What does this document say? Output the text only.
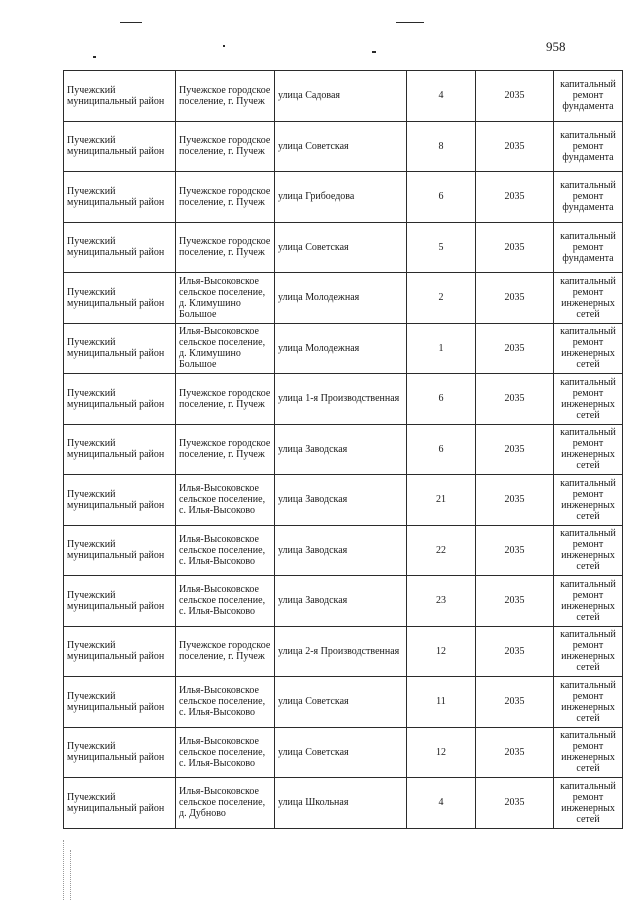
958
Пучежский муниципальный район	Пучежское городское поселение, г. Пучеж	улица Садовая	4	2035	капитальный ремонт фундамента

Пучежский муниципальный район	Пучежское городское поселение, г. Пучеж	улица Советская	8	2035	капитальный ремонт фундамента

Пучежский муниципальный район	Пучежское городское поселение, г. Пучеж	улица Грибоедова	6	2035	капитальный ремонт фундамента

Пучежский муниципальный район	Пучежское городское поселение, г. Пучеж	улица Советская	5	2035	капитальный ремонт фундамента

Пучежский муниципальный район	Илья-Высоковское сельское поселение, д. Климушино Большое	улица Молодежная	2	2035	капитальный ремонт инженерных сетей

Пучежский муниципальный район	Илья-Высоковское сельское поселение, д. Климушино Большое	улица Молодежная	1	2035	капитальный ремонт инженерных сетей

Пучежский муниципальный район	Пучежское городское поселение, г. Пучеж	улица 1-я Производственная	6	2035	капитальный ремонт инженерных сетей

Пучежский муниципальный район	Пучежское городское поселение, г. Пучеж	улица Заводская	6	2035	капитальный ремонт инженерных сетей

Пучежский муниципальный район	Илья-Высоковское сельское поселение, с. Илья-Высоково	улица Заводская	21	2035	капитальный ремонт инженерных сетей

Пучежский муниципальный район	Илья-Высоковское сельское поселение, с. Илья-Высоково	улица Заводская	22	2035	капитальный ремонт инженерных сетей

Пучежский муниципальный район	Илья-Высоковское сельское поселение, с. Илья-Высоково	улица Заводская	23	2035	капитальный ремонт инженерных сетей

Пучежский муниципальный район	Пучежское городское поселение, г. Пучеж	улица 2-я Производственная	12	2035	капитальный ремонт инженерных сетей

Пучежский муниципальный район	Илья-Высоковское сельское поселение, с. Илья-Высоково	улица Советская	11	2035	капитальный ремонт инженерных сетей

Пучежский муниципальный район	Илья-Высоковское сельское поселение, с. Илья-Высоково	улица Советская	12	2035	капитальный ремонт инженерных сетей

Пучежский муниципальный район	Илья-Высоковское сельское поселение, д. Дубново	улица Школьная	4	2035	капитальный ремонт инженерных сетей
